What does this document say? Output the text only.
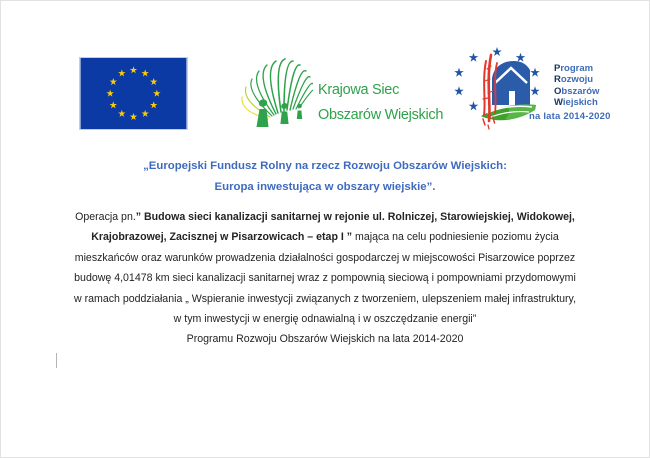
Krajowa Siec
Obszarów Wiejskich
Program
Rozwoju
Obszarów
Wiejskich
na lata 2014-2020
„Europejski Fundusz Rolny na rzecz Rozwoju Obszarów Wiejskich:
Europa inwestująca w obszary wiejskie”.
Operacja pn.” Budowa sieci kanalizacji sanitarnej w rejonie ul. Rolniczej, Starowiejskiej, Widokowej,
Krajobrazowej, Zacisznej w Pisarzowicach – etap I ” mająca na celu podniesienie poziomu życia
mieszkańców oraz warunków prowadzenia działalności gospodarczej w miejscowości Pisarzowice poprzez
budowę 4,01478 km sieci kanalizacji sanitarnej wraz z pompownią sieciową i pompowniami przydomowymi
w ramach poddziałania „ Wspieranie inwestycji związanych z tworzeniem, ulepszeniem małej infrastruktury,
w tym inwestycji w energię odnawialną i w oszczędzanie energii”
Programu Rozwoju Obszarów Wiejskich na lata 2014-2020
